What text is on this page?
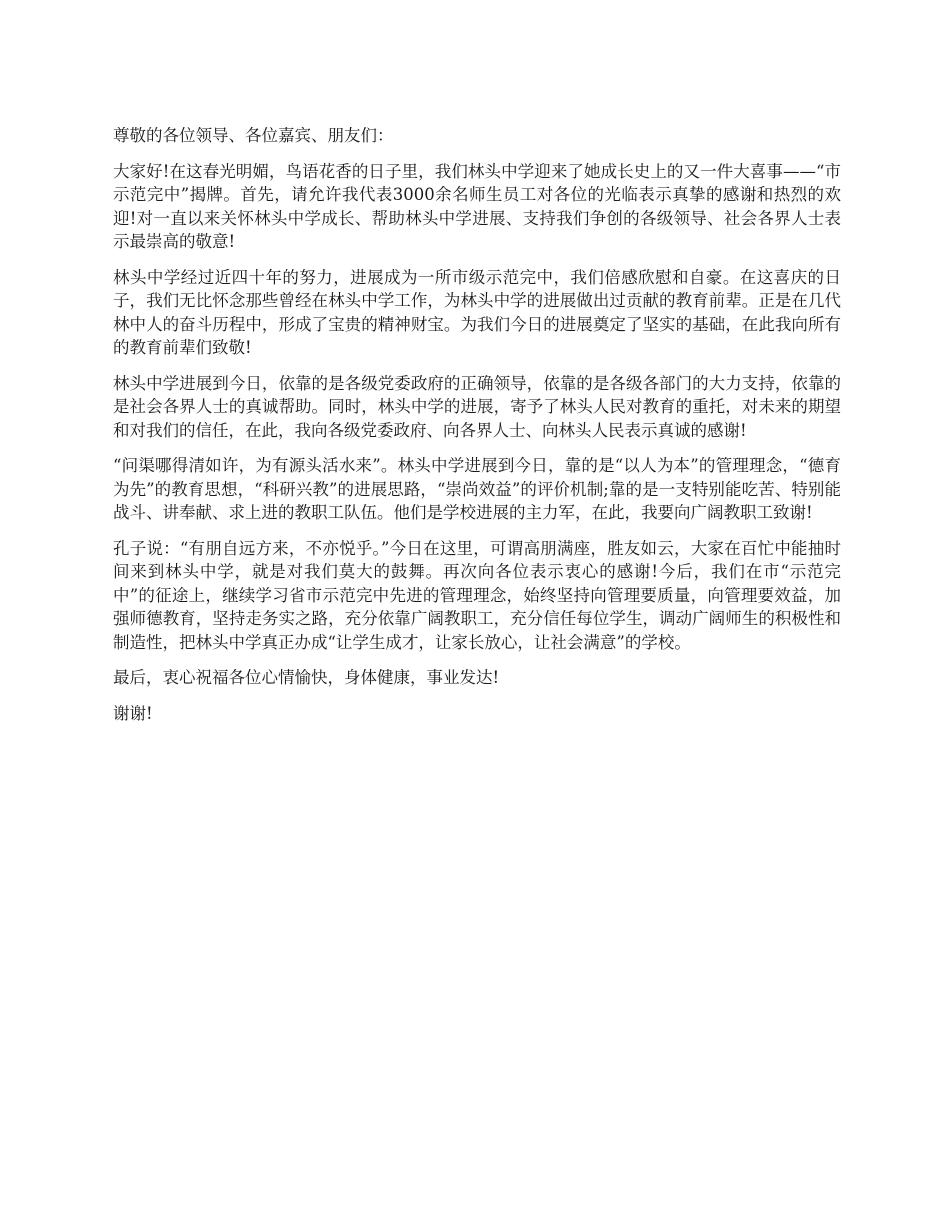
尊敬的各位领导、各位嘉宾、朋友们：

大家好!在这春光明媚，鸟语花香的日子里，我们林头中学迎来了她成长史上的又一件大喜事——“市示范完中”揭牌。首先，请允许我代表3000余名师生员工对各位的光临表示真挚的感谢和热烈的欢迎!对一直以来关怀林头中学成长、帮助林头中学进展、支持我们争创的各级领导、社会各界人士表示最崇高的敬意!

林头中学经过近四十年的努力，进展成为一所市级示范完中，我们倍感欣慰和自豪。在这喜庆的日子，我们无比怀念那些曾经在林头中学工作，为林头中学的进展做出过贡献的教育前辈。正是在几代林中人的奋斗历程中，形成了宝贵的精神财宝。为我们今日的进展奠定了坚实的基础，在此我向所有的教育前辈们致敬!

林头中学进展到今日，依靠的是各级党委政府的正确领导，依靠的是各级各部门的大力支持，依靠的是社会各界人士的真诚帮助。同时，林头中学的进展，寄予了林头人民对教育的重托，对未来的期望和对我们的信任，在此，我向各级党委政府、向各界人士、向林头人民表示真诚的感谢!

“问渠哪得清如许，为有源头活水来”。林头中学进展到今日，靠的是“以人为本”的管理理念，“德育为先”的教育思想，“科研兴教”的进展思路，“崇尚效益”的评价机制;靠的是一支特别能吃苦、特别能战斗、讲奉献、求上进的教职工队伍。他们是学校进展的主力军，在此，我要向广阔教职工致谢!

孔子说：“有朋自远方来，不亦悦乎。”今日在这里，可谓高朋满座，胜友如云，大家在百忙中能抽时间来到林头中学，就是对我们莫大的鼓舞。再次向各位表示衷心的感谢!今后，我们在市“示范完中”的征途上，继续学习省市示范完中先进的管理理念，始终坚持向管理要质量，向管理要效益，加强师德教育，坚持走务实之路，充分依靠广阔教职工，充分信任每位学生，调动广阔师生的积极性和制造性，把林头中学真正办成“让学生成才，让家长放心，让社会满意”的学校。

最后，衷心祝福各位心情愉快，身体健康，事业发达!

谢谢!
